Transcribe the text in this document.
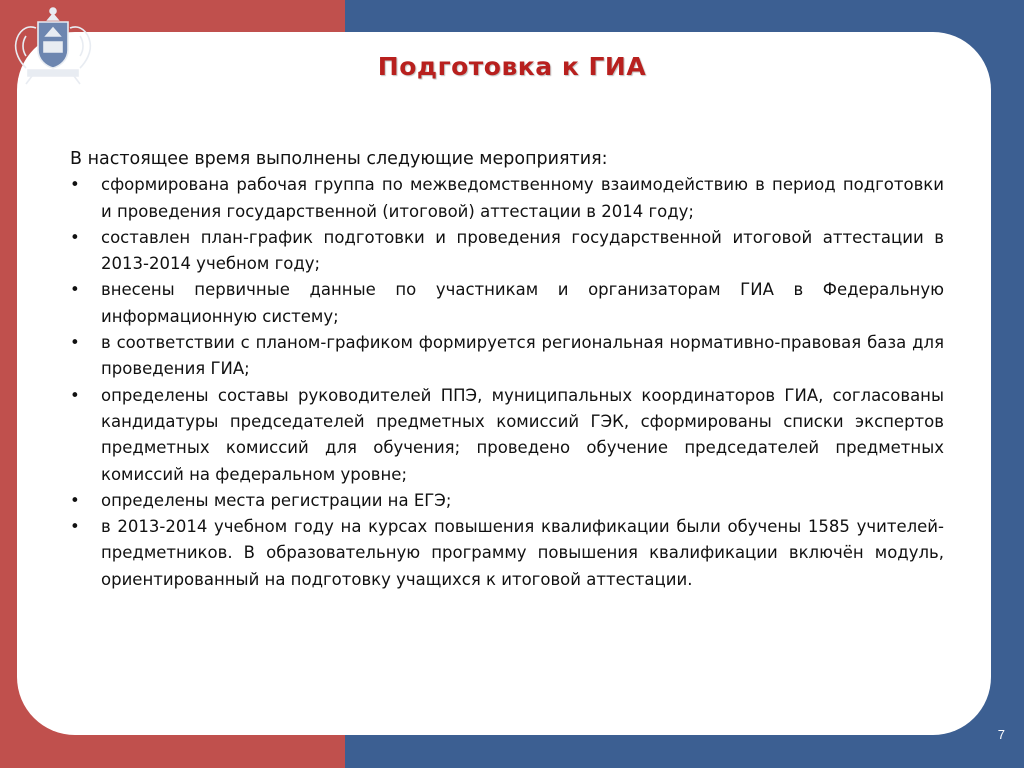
Подготовка к ГИА

В настоящее время выполнены следующие мероприятия:

• сформирована рабочая группа по межведомственному взаимодействию в период подготовки и проведения государственной (итоговой) аттестации в 2014 году;
• составлен план-график подготовки и проведения государственной итоговой аттестации в 2013-2014 учебном году;
• внесены первичные данные по участникам и организаторам ГИА в Федеральную информационную систему;
• в соответствии с планом-графиком формируется региональная нормативно-правовая база для проведения ГИА;
• определены составы руководителей ППЭ, муниципальных координаторов ГИА, согласованы кандидатуры председателей предметных комиссий ГЭК, сформированы списки экспертов предметных комиссий для обучения; проведено обучение председателей предметных комиссий на федеральном уровне;
• определены места регистрации на ЕГЭ;
• в 2013-2014 учебном году на курсах повышения квалификации были обучены 1585 учителей-предметников. В образовательную программу повышения квалификации включён модуль, ориентированный на подготовку учащихся к итоговой аттестации.
7
